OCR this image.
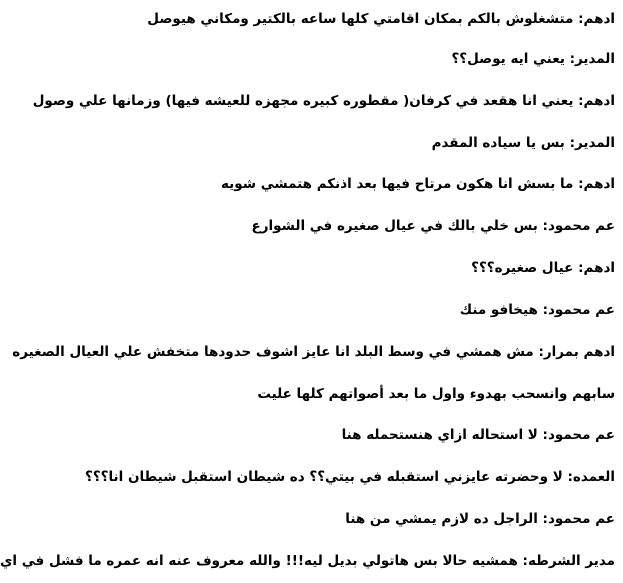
ادهم: متشغلوش بالكم بمكان اقامتي كلها ساعه بالكتير ومكاني هيوصل
المدير: يعني ايه يوصل؟؟
ادهم: يعني انا هقعد في كرفان( مقطوره كبيره مجهزه للعيشه فيها) وزمانها علي وصول
المدير: بس يا سياده المقدم
ادهم: ما بسش انا هكون مرتاح فيها بعد اذنكم هتمشي شويه
عم محمود: بس خلي بالك في عيال صغيره في الشوارع
ادهم: عيال صغيره؟؟؟
عم محمود: هيخافو منك
ادهم بمرار: مش همشي في وسط البلد انا عايز اشوف حدودها متخفش علي العيال الصغيره
سابهم وانسحب بهدوء واول ما بعد أصواتهم كلها عليت
عم محمود: لا استحاله ازاي هنستحمله هنا
العمده: لا وحضرته عايزني استقبله في بيتي؟؟ ده شيطان استقبل شيطان انا؟؟؟
عم محمود: الراجل ده لازم يمشي من هنا
مدير الشرطه: همشيه حالا بس هاتولي بديل ليه!!! والله معروف عنه انه عمره ما فشل في اي
